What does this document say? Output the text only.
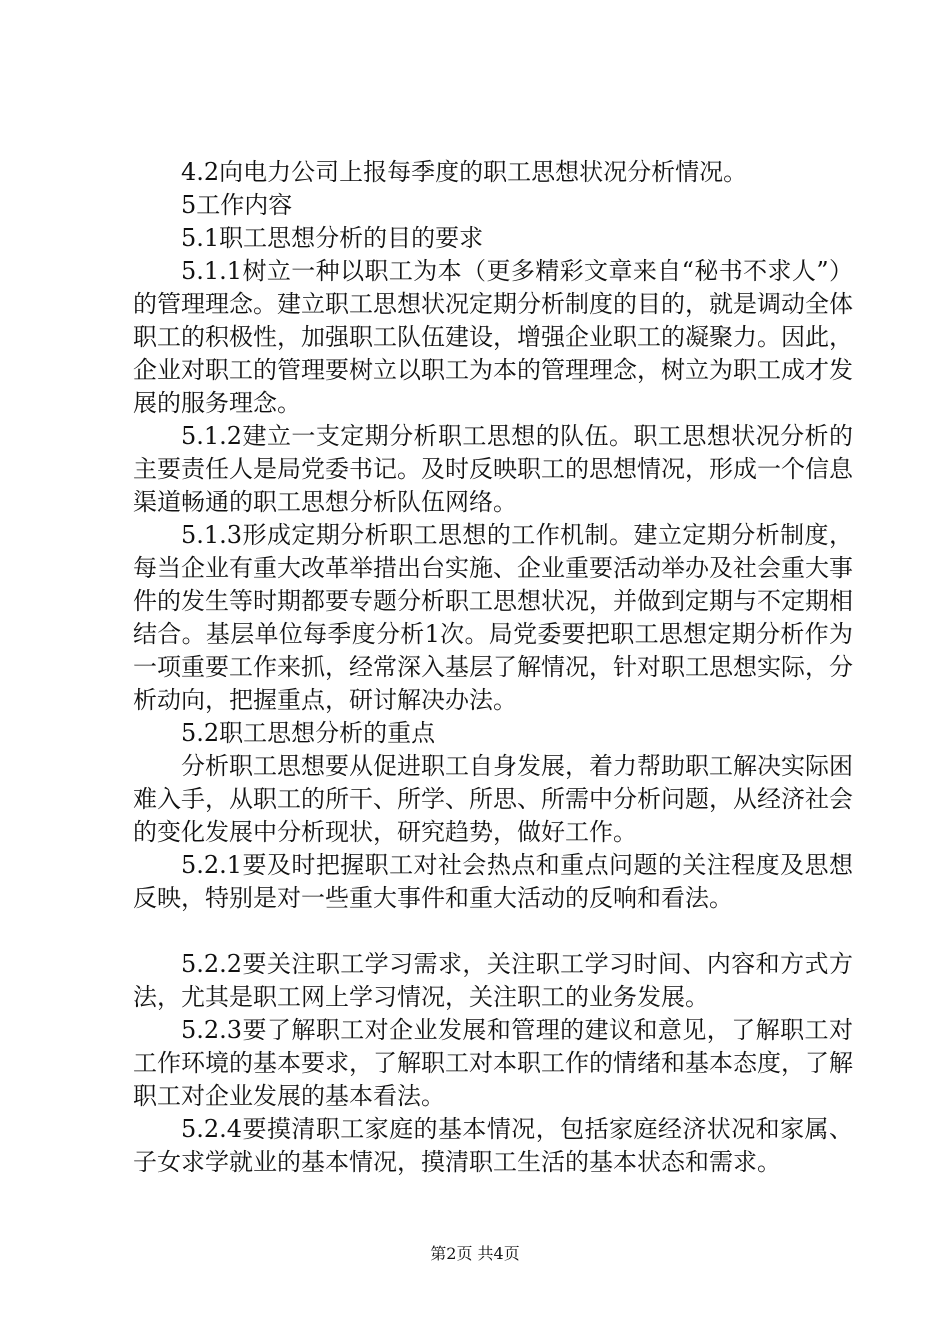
4.2向电力公司上报每季度的职工思想状况分析情况。

5工作内容

5.1职工思想分析的目的要求

5.1.1树立一种以职工为本（更多精彩文章来自“秘书不求人”）的管理理念。建立职工思想状况定期分析制度的目的，就是调动全体职工的积极性，加强职工队伍建设，增强企业职工的凝聚力。因此，企业对职工的管理要树立以职工为本的管理理念，树立为职工成才发展的服务理念。

5.1.2建立一支定期分析职工思想的队伍。职工思想状况分析的主要责任人是局党委书记。及时反映职工的思想情况，形成一个信息渠道畅通的职工思想分析队伍网络。

5.1.3形成定期分析职工思想的工作机制。建立定期分析制度，每当企业有重大改革举措出台实施、企业重要活动举办及社会重大事件的发生等时期都要专题分析职工思想状况，并做到定期与不定期相结合。基层单位每季度分析1次。局党委要把职工思想定期分析作为一项重要工作来抓，经常深入基层了解情况，针对职工思想实际，分析动向，把握重点，研讨解决办法。

5.2职工思想分析的重点

分析职工思想要从促进职工自身发展，着力帮助职工解决实际困难入手，从职工的所干、所学、所思、所需中分析问题，从经济社会的变化发展中分析现状，研究趋势，做好工作。

5.2.1要及时把握职工对社会热点和重点问题的关注程度及思想反映，特别是对一些重大事件和重大活动的反响和看法。

5.2.2要关注职工学习需求，关注职工学习时间、内容和方式方法，尤其是职工网上学习情况，关注职工的业务发展。

5.2.3要了解职工对企业发展和管理的建议和意见，了解职工对工作环境的基本要求，了解职工对本职工作的情绪和基本态度，了解职工对企业发展的基本看法。

5.2.4要摸清职工家庭的基本情况，包括家庭经济状况和家属、子女求学就业的基本情况，摸清职工生活的基本状态和需求。

第2页 共4页
